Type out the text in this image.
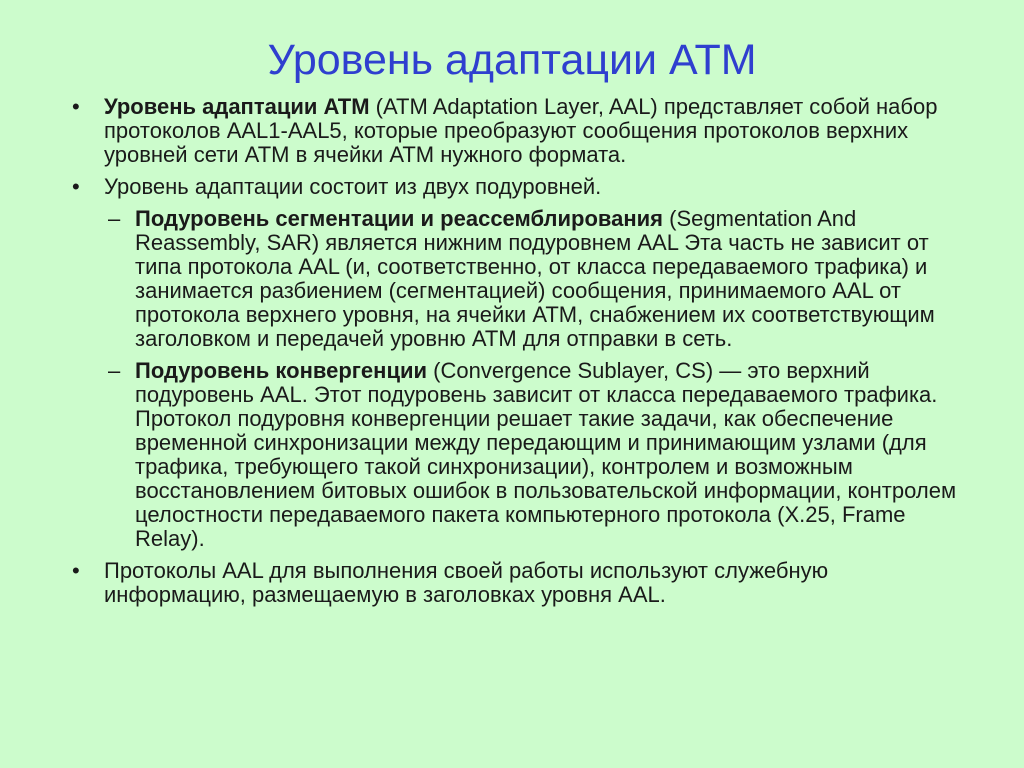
Уровень адаптации ATM
•	Уровень адаптации ATM (ATM Adaptation Layer, AAL) представляет собой набор протоколов AAL1-AAL5, которые преобразуют сообщения протоколов верхних уровней сети ATM в ячейки ATM нужного формата.
•	Уровень адаптации состоит из двух подуровней.
– Подуровень сегментации и реассемблирования (Segmentation And Reassembly, SAR) является нижним подуровнем AAL Эта часть не зависит от типа протокола AAL (и, соответственно, от класса передаваемого трафика) и занимается разбиением (сегментацией) сообщения, принимаемого AAL от протокола верхнего уровня, на ячейки ATM, снабжением их соответствующим заголовком и передачей уровню ATM для отправки в сеть.
– Подуровень конвергенции (Convergence Sublayer, CS) — это верхний подуровень AAL. Этот подуровень зависит от класса передаваемого трафика. Протокол подуровня конвергенции решает такие задачи, как обеспечение временной синхронизации между передающим и принимающим узлами (для трафика, требующего такой синхронизации), контролем и возможным восстановлением битовых ошибок в пользовательской информации, контролем целостности передаваемого пакета компьютерного протокола (X.25, Frame Relay).
•	Протоколы AAL для выполнения своей работы используют служебную информацию, размещаемую в заголовках уровня AAL.
